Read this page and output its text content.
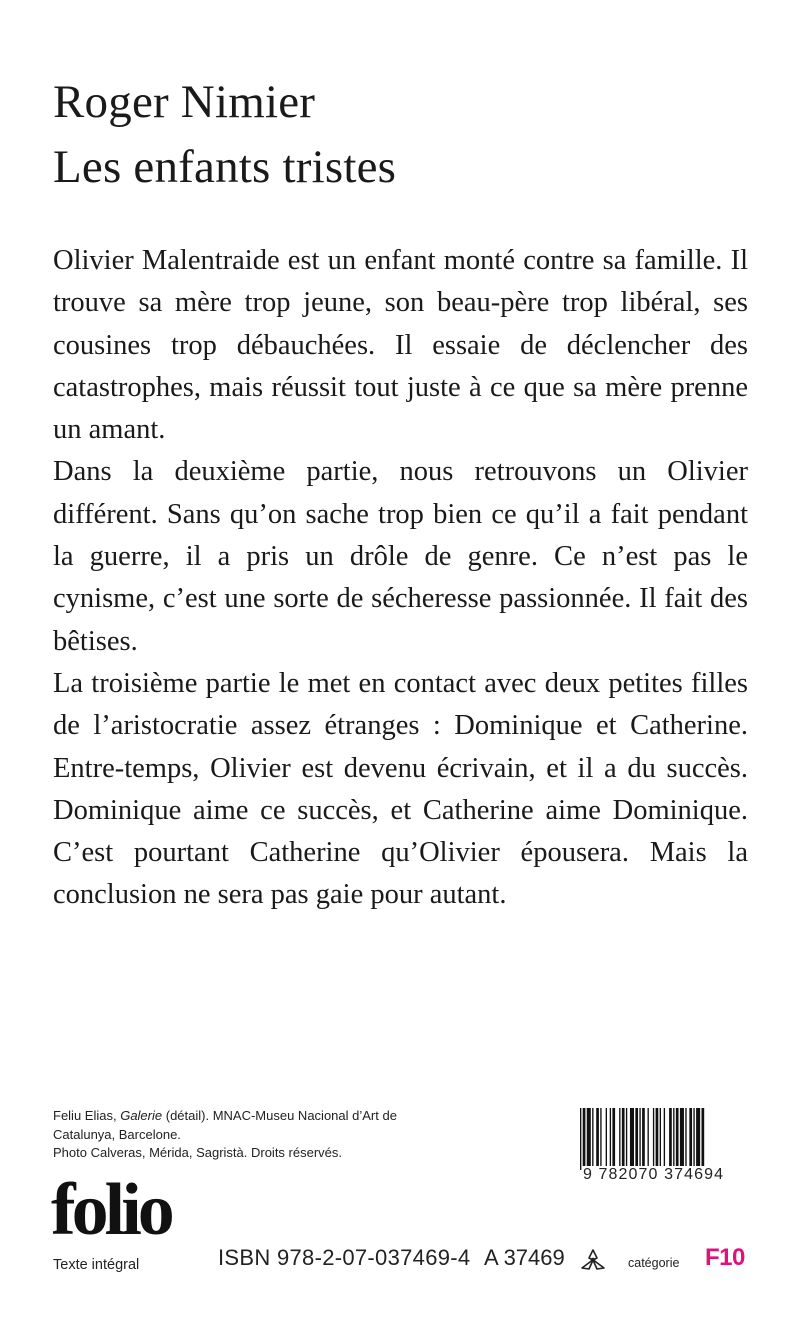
Roger Nimier
Les enfants tristes

Olivier Malentraide est un enfant monté contre sa famille. Il trouve sa mère trop jeune, son beau-père trop libéral, ses cousines trop débauchées. Il essaie de déclencher des catastrophes, mais réussit tout juste à ce que sa mère prenne un amant.

Dans la deuxième partie, nous retrouvons un Olivier différent. Sans qu’on sache trop bien ce qu’il a fait pendant la guerre, il a pris un drôle de genre. Ce n’est pas le cynisme, c’est une sorte de sécheresse passionnée. Il fait des bêtises.

La troisième partie le met en contact avec deux petites filles de l’aristocratie assez étranges : Dominique et Catherine. Entre-temps, Olivier est devenu écrivain, et il a du succès. Dominique aime ce succès, et Catherine aime Dominique. C’est pourtant Catherine qu’Olivier épousera. Mais la conclusion ne sera pas gaie pour autant.

Feliu Elias, Galerie (détail). MNAC-Museu Nacional d’Art de
Catalunya, Barcelone.
Photo Calveras, Mérida, Sagristà. Droits réservés.
9 782070 374694
folio
Texte intégral	ISBN 978-2-07-037469-4 A 37469	catégorie F10
